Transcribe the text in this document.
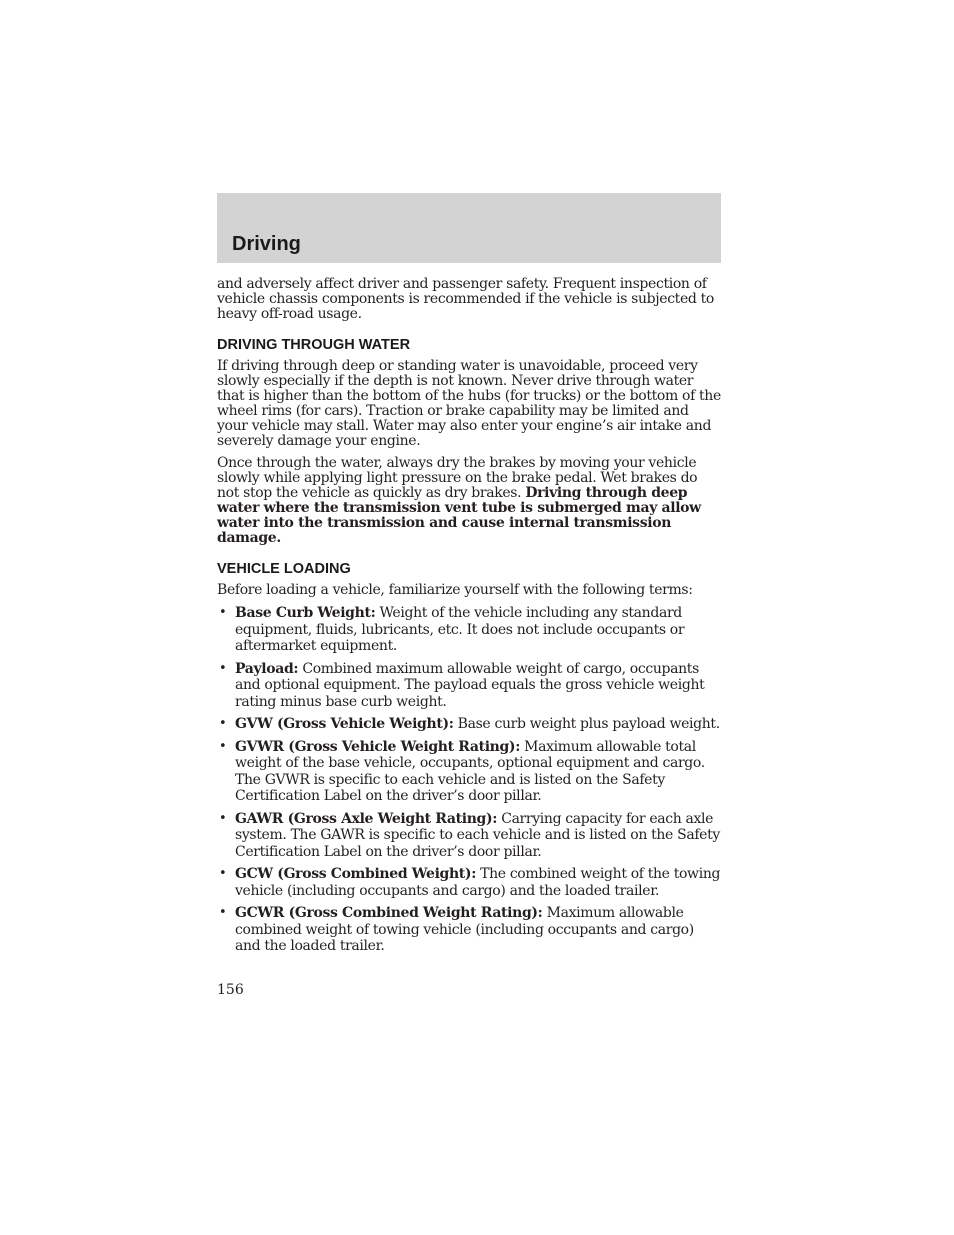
Driving

and adversely affect driver and passenger safety. Frequent inspection of vehicle chassis components is recommended if the vehicle is subjected to heavy off-road usage.

DRIVING THROUGH WATER

If driving through deep or standing water is unavoidable, proceed very slowly especially if the depth is not known. Never drive through water that is higher than the bottom of the hubs (for trucks) or the bottom of the wheel rims (for cars). Traction or brake capability may be limited and your vehicle may stall. Water may also enter your engine’s air intake and severely damage your engine.

Once through the water, always dry the brakes by moving your vehicle slowly while applying light pressure on the brake pedal. Wet brakes do not stop the vehicle as quickly as dry brakes. Driving through deep water where the transmission vent tube is submerged may allow water into the transmission and cause internal transmission damage.

VEHICLE LOADING

Before loading a vehicle, familiarize yourself with the following terms:

• Base Curb Weight: Weight of the vehicle including any standard equipment, fluids, lubricants, etc. It does not include occupants or aftermarket equipment.
• Payload: Combined maximum allowable weight of cargo, occupants and optional equipment. The payload equals the gross vehicle weight rating minus base curb weight.
• GVW (Gross Vehicle Weight): Base curb weight plus payload weight.
• GVWR (Gross Vehicle Weight Rating): Maximum allowable total weight of the base vehicle, occupants, optional equipment and cargo. The GVWR is specific to each vehicle and is listed on the Safety Certification Label on the driver’s door pillar.
• GAWR (Gross Axle Weight Rating): Carrying capacity for each axle system. The GAWR is specific to each vehicle and is listed on the Safety Certification Label on the driver’s door pillar.
• GCW (Gross Combined Weight): The combined weight of the towing vehicle (including occupants and cargo) and the loaded trailer.
• GCWR (Gross Combined Weight Rating): Maximum allowable combined weight of towing vehicle (including occupants and cargo) and the loaded trailer.
156
